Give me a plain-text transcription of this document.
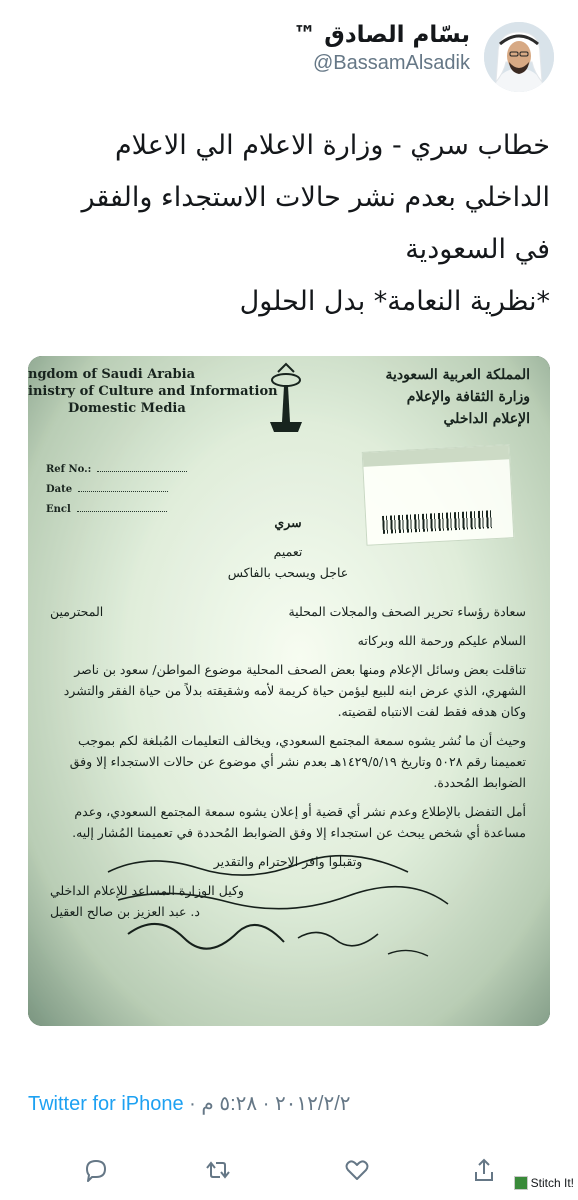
بسّام الصادق ™
@BassamAlsadik

خطاب سري - وزارة الاعلام الي الاعلام

الداخلي بعدم نشر حالات الاستجداء والفقر

في السعودية

*نظرية النعامة* بدل الحلول

ngdom of Saudi Arabia
inistry of Culture and Information
Domestic Media
المملكة العربية السعودية
وزارة الثقافة والإعلام
الإعلام الداخلي
Ref No.:
Date
Encl

سري

تعميم

عاجل ويسحب بالفاكس

سعادة رؤساء تحرير الصحف والمجلات المحلية
المحترمين

السلام عليكم ورحمة الله وبركاته

تناقلت بعض وسائل الإعلام ومنها بعض الصحف المحلية موضوع المواطن/ سعود بن ناصر الشهري، الذي عرض ابنه للبيع ليؤمن حياة كريمة لأمه وشقيقته بدلاً من حياة الفقر والتشرد وكان هدفه فقط لفت الانتباه لقضيته.

وحيث أن ما نُشر يشوه سمعة المجتمع السعودي، ويخالف التعليمات المُبلغة لكم بموجب تعميمنا رقم ٥٠٢٨ وتاريخ ١٤٢٩/٥/١٩هـ بعدم نشر أي موضوع عن حالات الاستجداء إلا وفق الضوابط المُحددة.

أمل التفضل بالإطلاع وعدم نشر أي قضية أو إعلان يشوه سمعة المجتمع السعودي، وعدم مساعدة أي شخص يبحث عن استجداء إلا وفق الضوابط المُحددة في تعميمنا المُشار إليه.

وتقبلوا وافر الاحترام والتقدير

وكيل الوزارة المساعد للإعلام الداخلي

د. عبد العزيز بن صالح العقيل

Twitter for iPhone ·	٢٠١٢/٢/٢ · ٥:٢٨ م
Stitch It!
